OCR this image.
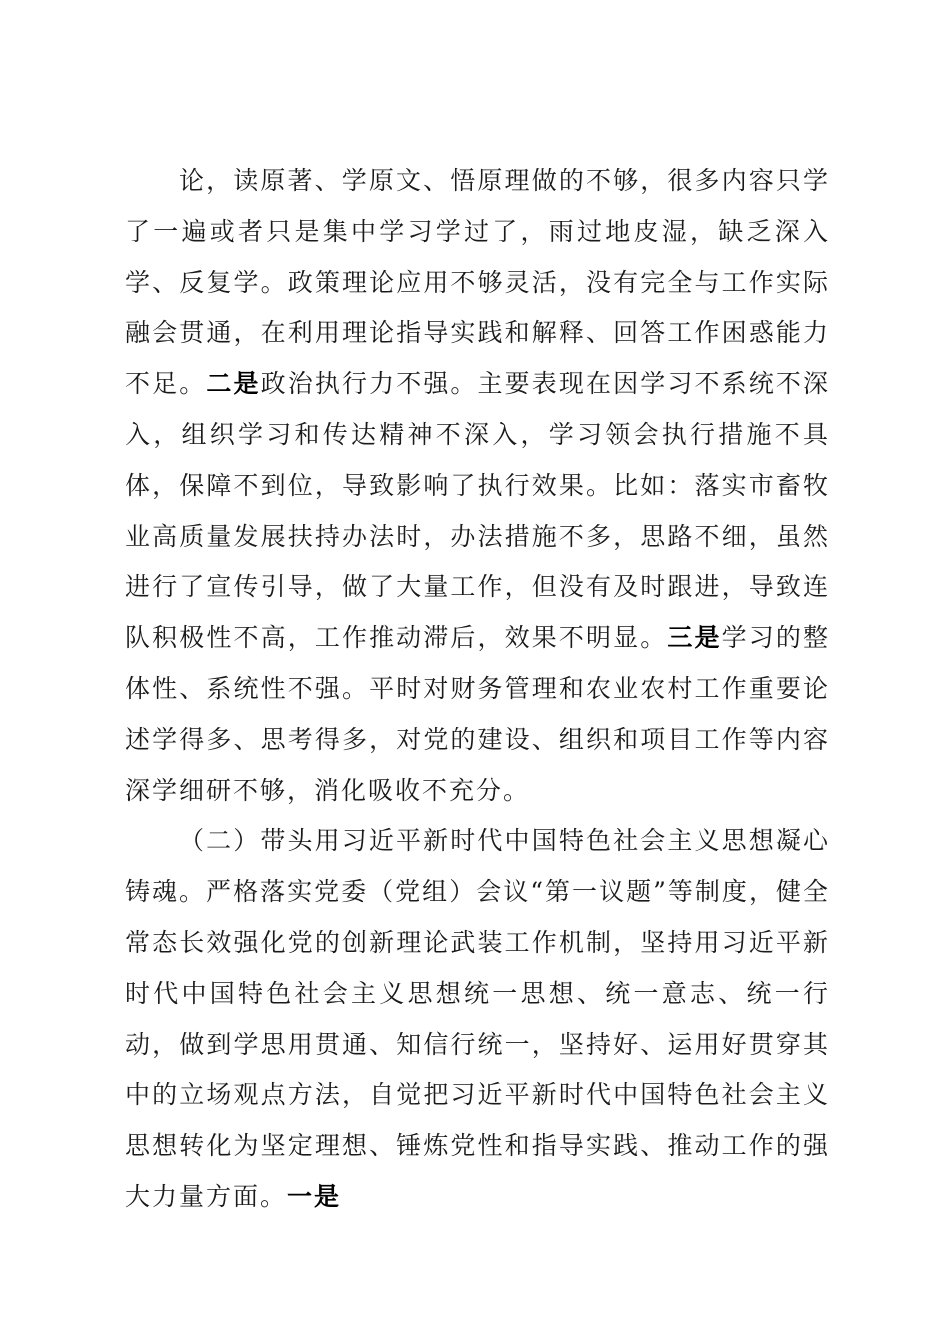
论，读原著、学原文、悟原理做的不够，很多内容只学了一遍或者只是集中学习学过了，雨过地皮湿，缺乏深入学、反复学。政策理论应用不够灵活，没有完全与工作实际融会贯通，在利用理论指导实践和解释、回答工作困惑能力不足。二是政治执行力不强。主要表现在因学习不系统不深入，组织学习和传达精神不深入，学习领会执行措施不具体，保障不到位，导致影响了执行效果。比如：落实市畜牧业高质量发展扶持办法时，办法措施不多，思路不细，虽然进行了宣传引导，做了大量工作，但没有及时跟进，导致连队积极性不高，工作推动滞后，效果不明显。三是学习的整体性、系统性不强。平时对财务管理和农业农村工作重要论述学得多、思考得多，对党的建设、组织和项目工作等内容深学细研不够，消化吸收不充分。

（二）带头用习近平新时代中国特色社会主义思想凝心铸魂。严格落实党委（党组）会议“第一议题”等制度，健全常态长效强化党的创新理论武装工作机制，坚持用习近平新时代中国特色社会主义思想统一思想、统一意志、统一行动，做到学思用贯通、知信行统一，坚持好、运用好贯穿其中的立场观点方法，自觉把习近平新时代中国特色社会主义思想转化为坚定理想、锤炼党性和指导实践、推动工作的强大力量方面。一是
